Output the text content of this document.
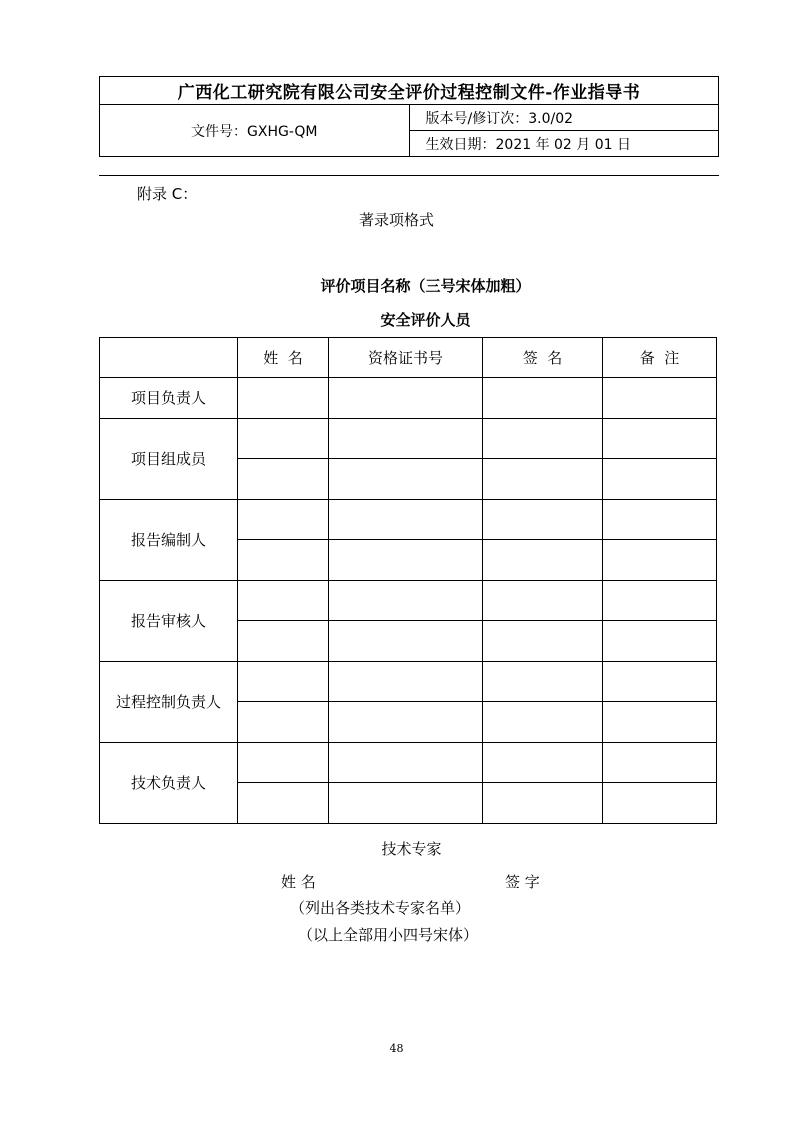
广西化工研究院有限公司安全评价过程控制文件-作业指导书
文件号：GXHG-QM	版本号/修订次：3.0/02
生效日期：2021 年 02 月 01 日
附录 C：
著录项格式
评价项目名称（三号宋体加粗）
安全评价人员
	姓  名	资格证书号	签  名	备  注
项目负责人				
项目组成员				

报告编制人				

报告审核人				

过程控制负责人				

技术负责人				

技术专家
姓 名	签 字
（列出各类技术专家名单）
（以上全部用小四号宋体）
48
